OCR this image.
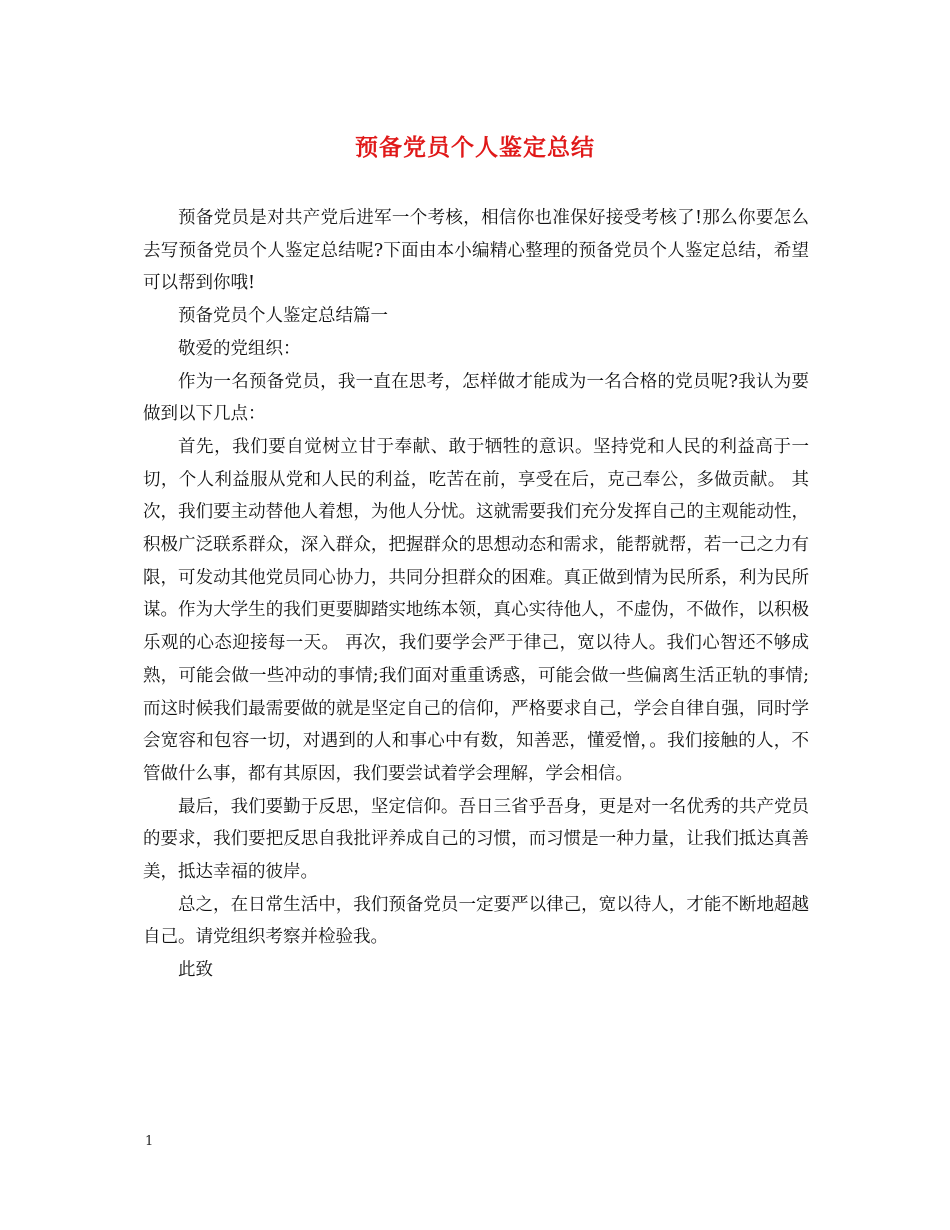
预备党员个人鉴定总结

预备党员是对共产党后进军一个考核，相信你也准保好接受考核了!那么你要怎么去写预备党员个人鉴定总结呢?下面由本小编精心整理的预备党员个人鉴定总结，希望可以帮到你哦!

预备党员个人鉴定总结篇一

敬爱的党组织：

作为一名预备党员，我一直在思考，怎样做才能成为一名合格的党员呢?我认为要做到以下几点：

首先，我们要自觉树立甘于奉献、敢于牺牲的意识。坚持党和人民的利益高于一切，个人利益服从党和人民的利益，吃苦在前，享受在后，克己奉公，多做贡献。 其次，我们要主动替他人着想，为他人分忧。这就需要我们充分发挥自己的主观能动性，积极广泛联系群众，深入群众，把握群众的思想动态和需求，能帮就帮，若一己之力有限，可发动其他党员同心协力，共同分担群众的困难。真正做到情为民所系，利为民所谋。作为大学生的我们更要脚踏实地练本领，真心实待他人，不虚伪，不做作，以积极乐观的心态迎接每一天。 再次，我们要学会严于律己，宽以待人。我们心智还不够成熟，可能会做一些冲动的事情;我们面对重重诱惑，可能会做一些偏离生活正轨的事情;而这时候我们最需要做的就是坚定自己的信仰，严格要求自己，学会自律自强，同时学会宽容和包容一切，对遇到的人和事心中有数，知善恶，懂爱憎，。我们接触的人，不管做什么事，都有其原因，我们要尝试着学会理解，学会相信。

最后，我们要勤于反思，坚定信仰。吾日三省乎吾身，更是对一名优秀的共产党员的要求，我们要把反思自我批评养成自己的习惯，而习惯是一种力量，让我们抵达真善美，抵达幸福的彼岸。

总之，在日常生活中，我们预备党员一定要严以律己，宽以待人，才能不断地超越自己。请党组织考察并检验我。

此致

1
